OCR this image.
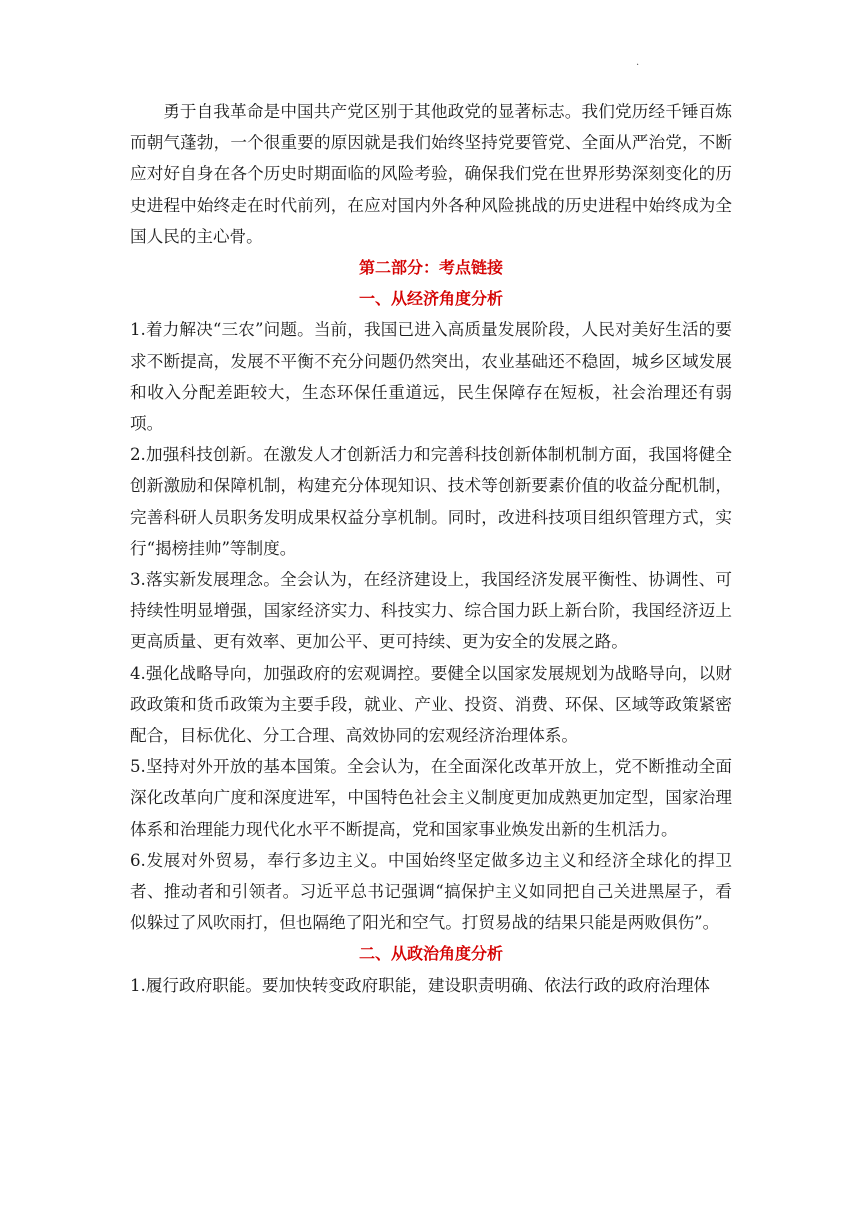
.

勇于自我革命是中国共产党区别于其他政党的显著标志。我们党历经千锤百炼而朝气蓬勃，一个很重要的原因就是我们始终坚持党要管党、全面从严治党，不断应对好自身在各个历史时期面临的风险考验，确保我们党在世界形势深刻变化的历史进程中始终走在时代前列，在应对国内外各种风险挑战的历史进程中始终成为全国人民的主心骨。

第二部分：考点链接
一、从经济角度分析

1.着力解决“三农”问题。当前，我国已进入高质量发展阶段，人民对美好生活的要求不断提高，发展不平衡不充分问题仍然突出，农业基础还不稳固，城乡区域发展和收入分配差距较大，生态环保任重道远，民生保障存在短板，社会治理还有弱项。

2.加强科技创新。在激发人才创新活力和完善科技创新体制机制方面，我国将健全创新激励和保障机制，构建充分体现知识、技术等创新要素价值的收益分配机制，完善科研人员职务发明成果权益分享机制。同时，改进科技项目组织管理方式，实行“揭榜挂帅”等制度。

3.落实新发展理念。全会认为，在经济建设上，我国经济发展平衡性、协调性、可持续性明显增强，国家经济实力、科技实力、综合国力跃上新台阶，我国经济迈上更高质量、更有效率、更加公平、更可持续、更为安全的发展之路。

4.强化战略导向，加强政府的宏观调控。要健全以国家发展规划为战略导向，以财政政策和货币政策为主要手段，就业、产业、投资、消费、环保、区域等政策紧密配合，目标优化、分工合理、高效协同的宏观经济治理体系。

5.坚持对外开放的基本国策。全会认为，在全面深化改革开放上，党不断推动全面深化改革向广度和深度进军，中国特色社会主义制度更加成熟更加定型，国家治理体系和治理能力现代化水平不断提高，党和国家事业焕发出新的生机活力。

6.发展对外贸易，奉行多边主义。中国始终坚定做多边主义和经济全球化的捍卫者、推动者和引领者。习近平总书记强调“搞保护主义如同把自己关进黑屋子，看似躲过了风吹雨打，但也隔绝了阳光和空气。打贸易战的结果只能是两败俱伤”。

二、从政治角度分析

1.履行政府职能。要加快转变政府职能，建设职责明确、依法行政的政府治理体
